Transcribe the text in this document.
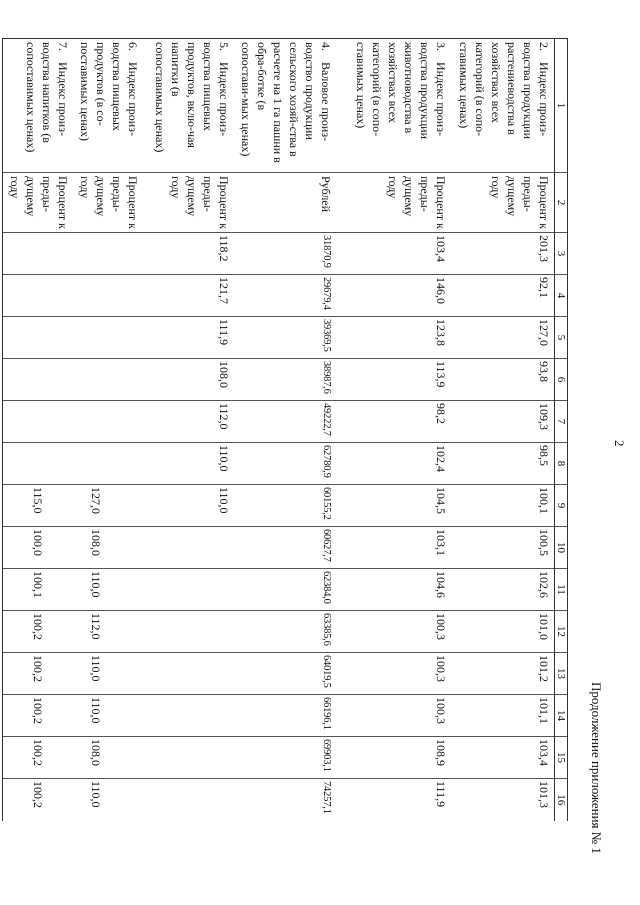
2
Продолжение приложения № 1
1	2	3	4	5	6	7	8	9	10	11	12	13	14	15	16
2.Индекс произ-водства продукции растениеводства в хозяйствах всех категорий (в сопо-ставимых ценах)	Процент к преды-дущему году	201,3	92,1	127,0	93,8	109,3	98,5	100,1	100,5	102,6	101,0	101,2	101,1	103,4	101,3
3.Индекс произ-водства продукции животноводства в хозяйствах всех категорий (в сопо-ставимых ценах)	Процент к преды-дущему году	103,4	146,0	123,8	113,9	98,2	102,4	104,5	103,1	104,6	100,3	100,3	100,3	108,9	111,9
4.Валовое произ-водство продукции сельского хозяй-ства в расчете на 1 га пашни в обра-ботке (в сопостави-мых ценах)	Рублей	31870,9	29679,4	39369,5	38987,6	49222,7	62780,9	60155,2	60627,7	62384,0	63385,6	64019,5	66196,1	69903,1	74257,1
5.Индекс произ-водства пищевых продуктов, вклю-чая напитки (в сопоставимых ценах)	Процент к преды-дущему году	118,2	121,7	111,9	108,0	112,0	110,0	110,0							
6.Индекс произ-водства пищевых продуктов (в со-поставимых ценах)	Процент к преды-дущему году							127,0	108,0	110,0	112,0	110,0	110,0	108,0	110,0
7.Индекс произ-водства напитков (в сопоставимых ценах)	Процент к преды-дущему году							115,0	100,0	100,1	100,2	100,2	100,2	100,2	100,2
